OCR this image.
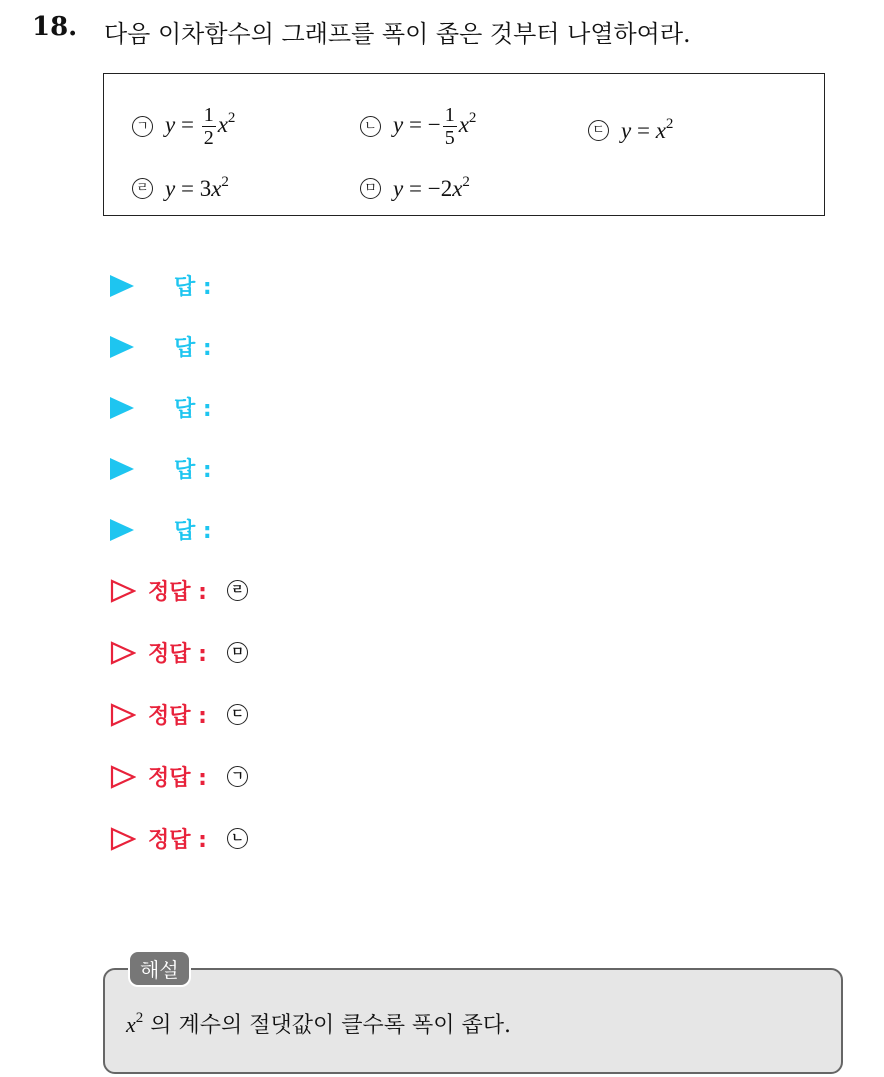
18. 다음 이차함수의 그래프를 폭이 좁은 것부터 나열하여라.
ㄱ $y = \frac{1}{2} x^2$
ㄴ y = − $\frac{1}{5} x^2$
ㄷ $y = x^2$
ㄹ $y = 3x^2$	ㅁ $y = -2x^2$
답 :
답 :
답 :
답 :
답 :
정답 :	ㄹ
정답 :	ㅁ
정답 :	ㄷ
정답 :	ㄱ
정답 :	ㄴ
해설
$x^2$ 의 계수의 절댓값이 클수록 폭이 좁다.
